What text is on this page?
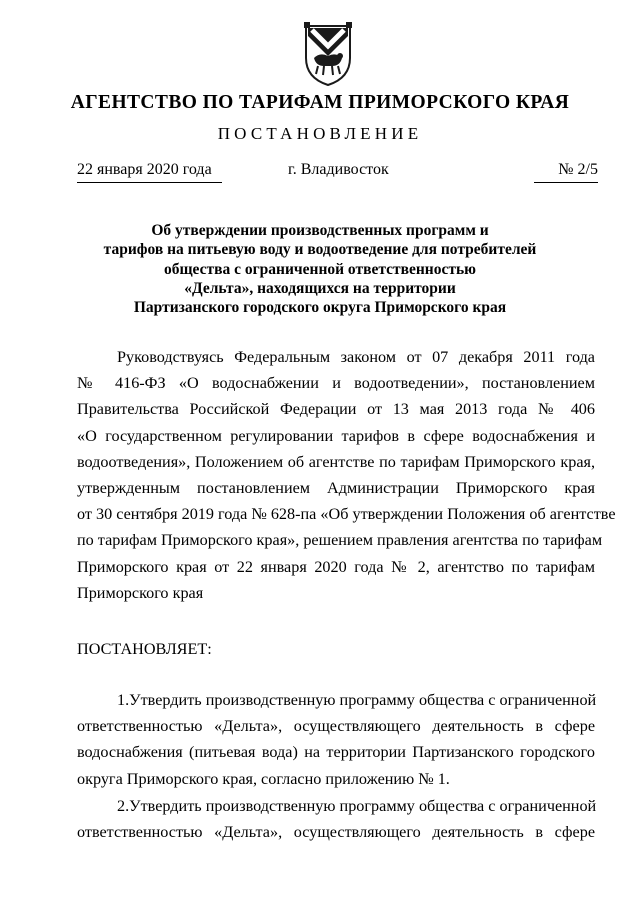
АГЕНТСТВО ПО ТАРИФАМ ПРИМОРСКОГО КРАЯ
ПОСТАНОВЛЕНИЕ
22 января 2020 года	г. Владивосток	№ 2/5
Об утверждении производственных программ и
тарифов на питьевую воду и водоотведение для потребителей
общества с ограниченной ответственностью
«Дельта», находящихся на территории
Партизанского городского округа Приморского края
Руководствуясь Федеральным законом от 07 декабря 2011 года
№ 416-ФЗ «О водоснабжении и водоотведении», постановлением
Правительства Российской Федерации от 13 мая 2013 года № 406
«О государственном регулировании тарифов в сфере водоснабжения и
водоотведения», Положением об агентстве по тарифам Приморского края,
утвержденным постановлением Администрации Приморского края
от 30 сентября 2019 года № 628-па «Об утверждении Положения об агентстве
по тарифам Приморского края», решением правления агентства по тарифам
Приморского края от 22 января 2020 года № 2, агентство по тарифам
Приморского края
ПОСТАНОВЛЯЕТ:
1. Утвердить производственную программу общества с ограниченной
ответственностью «Дельта», осуществляющего деятельность в сфере
водоснабжения (питьевая вода) на территории Партизанского городского
округа Приморского края, согласно приложению № 1.
2. Утвердить производственную программу общества с ограниченной
ответственностью «Дельта», осуществляющего деятельность в сфере
